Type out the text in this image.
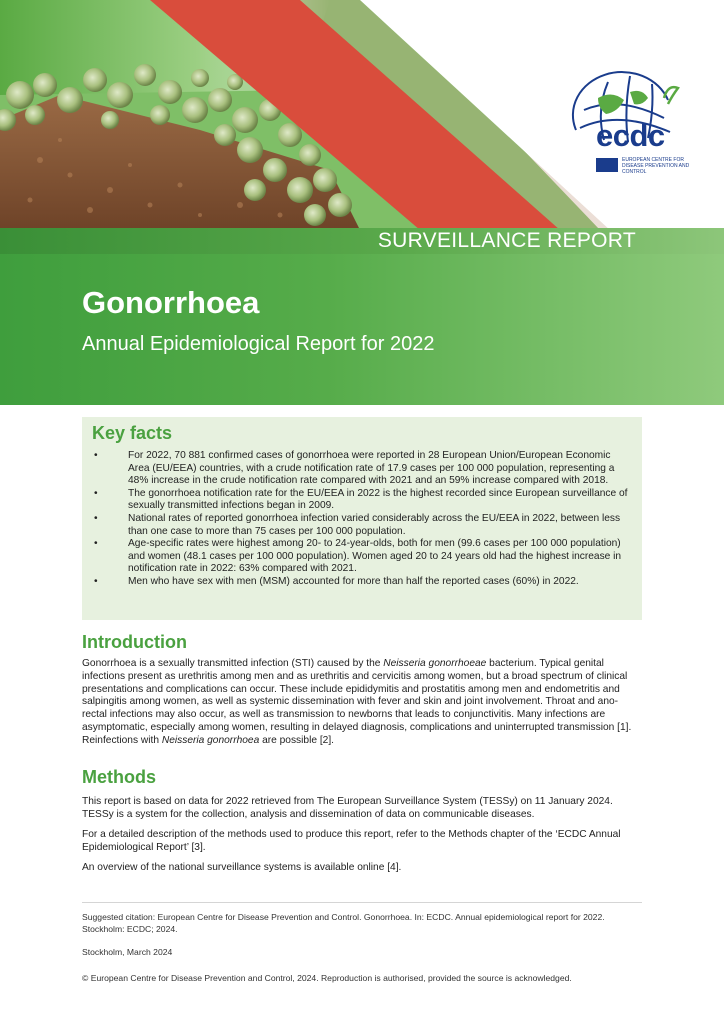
SURVEILLANCE REPORT
Gonorrhoea
Annual Epidemiological Report for 2022
ecdc
EUROPEAN CENTRE FOR DISEASE PREVENTION AND CONTROL
Key facts
•	For 2022, 70 881 confirmed cases of gonorrhoea were reported in 28 European Union/European Economic Area (EU/EEA) countries, with a crude notification rate of 17.9 cases per 100 000 population, representing a 48% increase in the crude notification rate compared with 2021 and an 59% increase compared with 2018.
•	The gonorrhoea notification rate for the EU/EEA in 2022 is the highest recorded since European surveillance of sexually transmitted infections began in 2009.
•	National rates of reported gonorrhoea infection varied considerably across the EU/EEA in 2022, between less than one case to more than 75 cases per 100 000 population.
•	Age-specific rates were highest among 20- to 24-year-olds, both for men (99.6 cases per 100 000 population) and women (48.1 cases per 100 000 population). Women aged 20 to 24 years old had the highest increase in notification rate in 2022: 63% compared with 2021.
•	Men who have sex with men (MSM) accounted for more than half the reported cases (60%) in 2022.
Introduction
Gonorrhoea is a sexually transmitted infection (STI) caused by the Neisseria gonorrhoeae bacterium. Typical genital infections present as urethritis among men and as urethritis and cervicitis among women, but a broad spectrum of clinical presentations and complications can occur. These include epididymitis and prostatitis among men and endometritis and salpingitis among women, as well as systemic dissemination with fever and skin and joint involvement. Throat and ano-rectal infections may also occur, as well as transmission to newborns that leads to conjunctivitis. Many infections are asymptomatic, especially among women, resulting in delayed diagnosis, complications and uninterrupted transmission [1]. Reinfections with Neisseria gonorrhoea are possible [2].
Methods
This report is based on data for 2022 retrieved from The European Surveillance System (TESSy) on 11 January 2024. TESSy is a system for the collection, analysis and dissemination of data on communicable diseases.
For a detailed description of the methods used to produce this report, refer to the Methods chapter of the ‘ECDC Annual Epidemiological Report’ [3].
An overview of the national surveillance systems is available online [4].
Suggested citation: European Centre for Disease Prevention and Control. Gonorrhoea. In: ECDC. Annual epidemiological report for 2022. Stockholm: ECDC; 2024.
Stockholm, March 2024
© European Centre for Disease Prevention and Control, 2024. Reproduction is authorised, provided the source is acknowledged.
